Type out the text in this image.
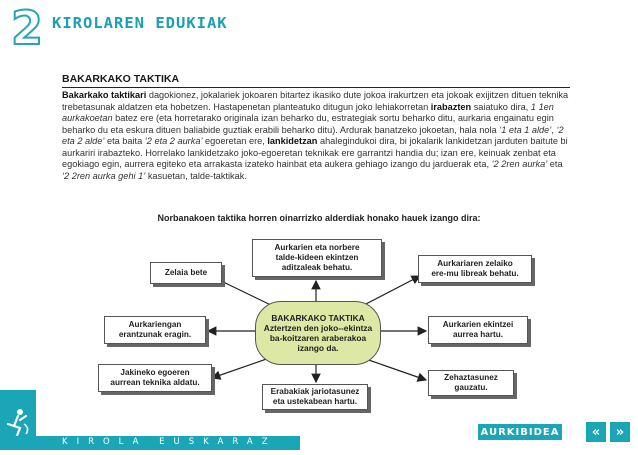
2 KIROLAREN EDUKIAK
BAKARKAKO TAKTIKA
Bakarkako taktikari dagokionez, jokalariek jokoaren bitartez ikasiko dute jokoa irakurtzen eta jokoak exijitzen dituen teknika trebetasunak aldatzen eta hobetzen. Hastapenetan planteatuko ditugun joko lehiakorretan irabazten saiatuko dira, 1 1en aurkakoetan batez ere (eta horretarako originala izan beharko du, estrategiak sortu beharko ditu, aurkaria engainatu egin beharko du eta eskura dituen baliabide guztiak erabili beharko ditu). Ardurak banatzeko jokoetan, hala nola ‘1 eta 1 alde’, ‘2 eta 2 alde’ eta baita ‘2 eta 2 aurka’ egoeretan ere, lankidetzan ahalegindukoi dira, bi jokalarik lankidetzan jarduten baitute bi aurkariri irabazteko. Horrelako lankidetzako joko-egoeretan teknikak ere garrantzi handia du; izan ere, keinuak zenbat eta egokiago egin, aurrera egiteko eta arrakasta izateko hainbat eta aukera gehiago izango du jarduerak eta, ‘2 2ren aurka’ eta ‘2 2ren aurka gehi 1’ kasuetan, talde-taktikak.
Norbanakoen taktika horren oinarrizko alderdiak honako hauek izango dira:
Aurkarien eta norbere
talde-kideen ekintzen
aditzaleak behatu.
Zelaia bete
Aurkariaren zelaiko
ere-mu libreak behatu.
Aurkariengan
erantzunak eragin.
Aurkarien ekintzei
aurrea hartu.
Jakineko egoeren
aurrean teknika aldatu.
Erabakiak jariotasunez
eta ustekabean hartu.
Zehaztasunez
gauzatu.
BAKARKAKO TAKTIKA
Aztertzen den joko--ekintza
ba-koitzaren araberakoa
izango da.
KIROLA EUSKARAZ
AURKIBIDEA	«	»
